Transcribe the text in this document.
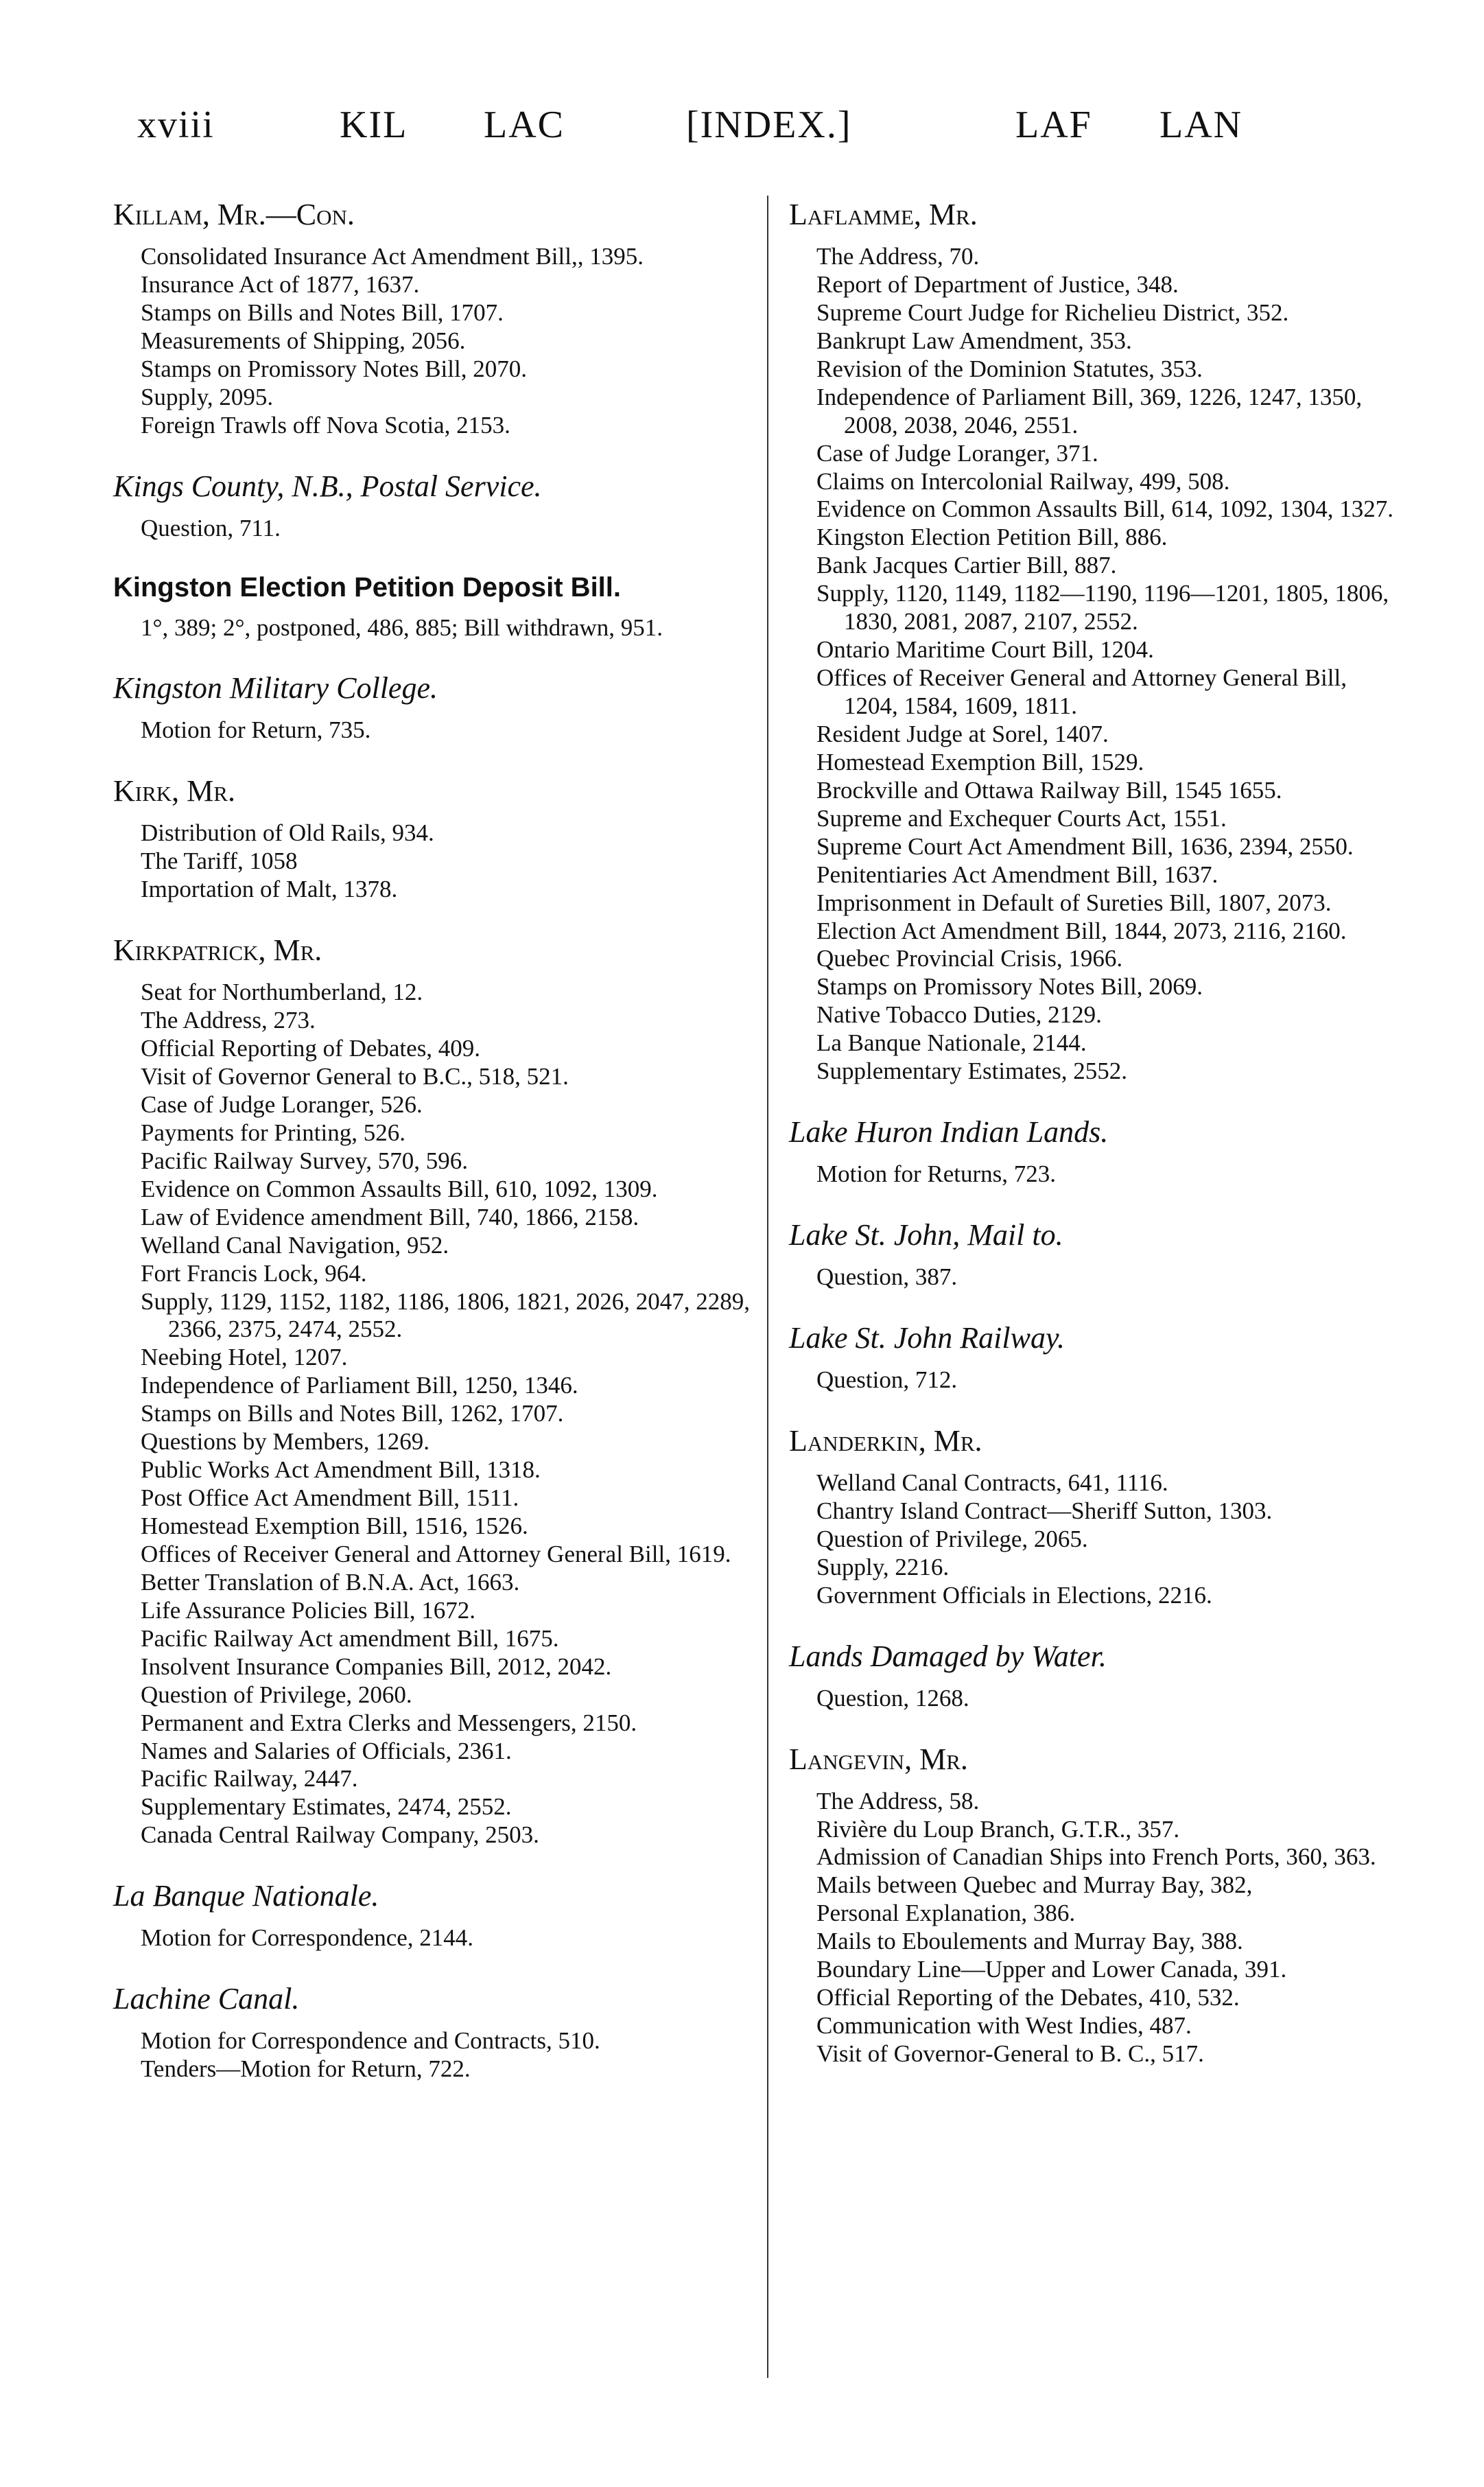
xviii	KIL LAC	[INDEX.]	LAF LAN

Killam, Mr.—Con.

Consolidated Insurance Act Amendment Bill,, 1395.
Insurance Act of 1877, 1637.
Stamps on Bills and Notes Bill, 1707.
Measurements of Shipping, 2056.
Stamps on Promissory Notes Bill, 2070.
Supply, 2095.
Foreign Trawls off Nova Scotia, 2153.

Kings County, N.B., Postal Service.

Question, 711.

Kingston Election Petition Deposit Bill.

1°, 389; 2°, postponed, 486, 885; Bill withdrawn, 951.

Kingston Military College.

Motion for Return, 735.

Kirk, Mr.

Distribution of Old Rails, 934.
The Tariff, 1058
Importation of Malt, 1378.

Kirkpatrick, Mr.

Seat for Northumberland, 12.
The Address, 273.
Official Reporting of Debates, 409.
Visit of Governor General to B.C., 518, 521.
Case of Judge Loranger, 526.
Payments for Printing, 526.
Pacific Railway Survey, 570, 596.
Evidence on Common Assaults Bill, 610, 1092, 1309.
Law of Evidence amendment Bill, 740, 1866, 2158.
Welland Canal Navigation, 952.
Fort Francis Lock, 964.
Supply, 1129, 1152, 1182, 1186, 1806, 1821, 2026, 2047, 2289, 2366, 2375, 2474, 2552.
Neebing Hotel, 1207.
Independence of Parliament Bill, 1250, 1346.
Stamps on Bills and Notes Bill, 1262, 1707.
Questions by Members, 1269.
Public Works Act Amendment Bill, 1318.
Post Office Act Amendment Bill, 1511.
Homestead Exemption Bill, 1516, 1526.
Offices of Receiver General and Attorney General Bill, 1619.
Better Translation of B.N.A. Act, 1663.
Life Assurance Policies Bill, 1672.
Pacific Railway Act amendment Bill, 1675.
Insolvent Insurance Companies Bill, 2012, 2042.
Question of Privilege, 2060.
Permanent and Extra Clerks and Messengers, 2150.
Names and Salaries of Officials, 2361.
Pacific Railway, 2447.
Supplementary Estimates, 2474, 2552.
Canada Central Railway Company, 2503.

La Banque Nationale.

Motion for Correspondence, 2144.

Lachine Canal.

Motion for Correspondence and Contracts, 510.
Tenders—Motion for Return, 722.

Laflamme, Mr.

The Address, 70.
Report of Department of Justice, 348.
Supreme Court Judge for Richelieu District, 352.
Bankrupt Law Amendment, 353.
Revision of the Dominion Statutes, 353.
Independence of Parliament Bill, 369, 1226, 1247, 1350, 2008, 2038, 2046, 2551.
Case of Judge Loranger, 371.
Claims on Intercolonial Railway, 499, 508.
Evidence on Common Assaults Bill, 614, 1092, 1304, 1327.
Kingston Election Petition Bill, 886.
Bank Jacques Cartier Bill, 887.
Supply, 1120, 1149, 1182—1190, 1196—1201, 1805, 1806, 1830, 2081, 2087, 2107, 2552.
Ontario Maritime Court Bill, 1204.
Offices of Receiver General and Attorney General Bill, 1204, 1584, 1609, 1811.
Resident Judge at Sorel, 1407.
Homestead Exemption Bill, 1529.
Brockville and Ottawa Railway Bill, 1545 1655.
Supreme and Exchequer Courts Act, 1551.
Supreme Court Act Amendment Bill, 1636, 2394, 2550.
Penitentiaries Act Amendment Bill, 1637.
Imprisonment in Default of Sureties Bill, 1807, 2073.
Election Act Amendment Bill, 1844, 2073, 2116, 2160.
Quebec Provincial Crisis, 1966.
Stamps on Promissory Notes Bill, 2069.
Native Tobacco Duties, 2129.
La Banque Nationale, 2144.
Supplementary Estimates, 2552.

Lake Huron Indian Lands.

Motion for Returns, 723.

Lake St. John, Mail to.

Question, 387.

Lake St. John Railway.

Question, 712.

Landerkin, Mr.

Welland Canal Contracts, 641, 1116.
Chantry Island Contract—Sheriff Sutton, 1303.
Question of Privilege, 2065.
Supply, 2216.
Government Officials in Elections, 2216.

Lands Damaged by Water.

Question, 1268.

Langevin, Mr.

The Address, 58.
Rivière du Loup Branch, G.T.R., 357.
Admission of Canadian Ships into French Ports, 360, 363.
Mails between Quebec and Murray Bay, 382,
Personal Explanation, 386.
Mails to Eboulements and Murray Bay, 388.
Boundary Line—Upper and Lower Canada, 391.
Official Reporting of the Debates, 410, 532.
Communication with West Indies, 487.
Visit of Governor-General to B. C., 517.
